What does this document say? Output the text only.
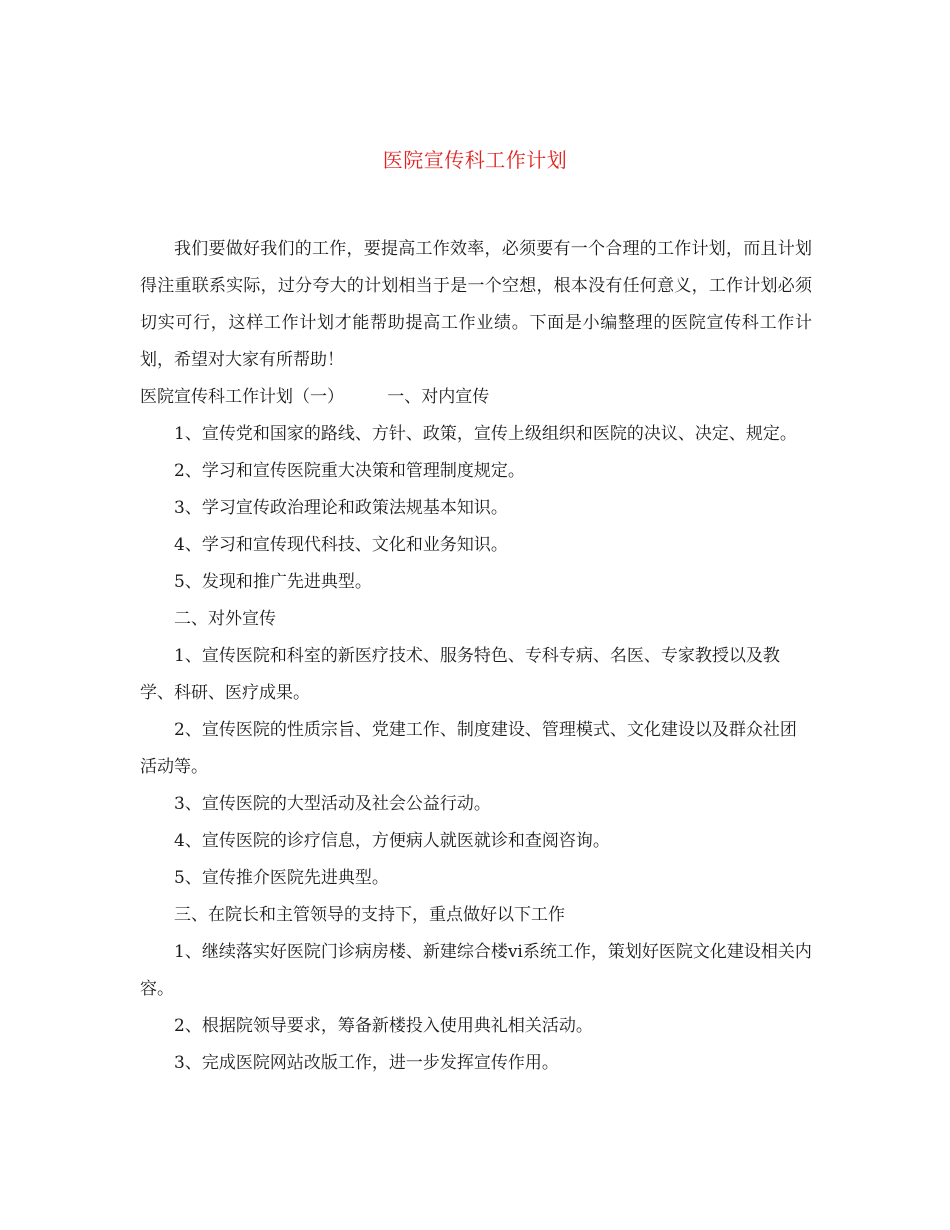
医院宣传科工作计划

我们要做好我们的工作，要提高工作效率，必须要有一个合理的工作计划，而且计划得注重联系实际，过分夸大的计划相当于是一个空想，根本没有任何意义，工作计划必须切实可行，这样工作计划才能帮助提高工作业绩。下面是小编整理的医院宣传科工作计划，希望对大家有所帮助！

医院宣传科工作计划（一）	一、对内宣传

1、宣传党和国家的路线、方针、政策，宣传上级组织和医院的决议、决定、规定。

2、学习和宣传医院重大决策和管理制度规定。

3、学习宣传政治理论和政策法规基本知识。

4、学习和宣传现代科技、文化和业务知识。

5、发现和推广先进典型。

二、对外宣传

1、宣传医院和科室的新医疗技术、服务特色、专科专病、名医、专家教授以及教学、科研、医疗成果。

2、宣传医院的性质宗旨、党建工作、制度建设、管理模式、文化建设以及群众社团活动等。

3、宣传医院的大型活动及社会公益行动。

4、宣传医院的诊疗信息，方便病人就医就诊和查阅咨询。

5、宣传推介医院先进典型。

三、在院长和主管领导的支持下，重点做好以下工作

1、继续落实好医院门诊病房楼、新建综合楼vi系统工作，策划好医院文化建设相关内容。

2、根据院领导要求，筹备新楼投入使用典礼相关活动。

3、完成医院网站改版工作，进一步发挥宣传作用。
